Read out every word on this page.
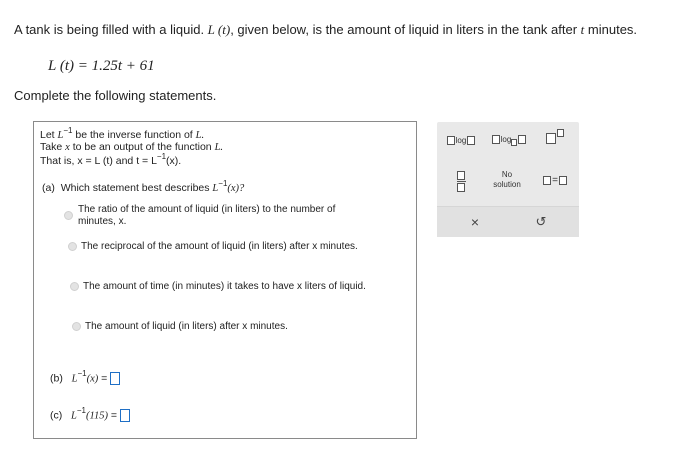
A tank is being filled with a liquid. L (t), given below, is the amount of liquid in liters in the tank after t minutes.
L (t) = 1.25t + 61
Complete the following statements.
Let $L^{-1}$ be the inverse function of L.
Take x to be an output of the function L.
That is, x = L (t) and $t = L^{-1}(x)$.
(a) Which statement best describes $L^{-1}(x)$?
The ratio of the amount of liquid (in liters) to the number of
minutes, x.
The reciprocal of the amount of liquid (in liters) after x minutes.
The amount of time (in minutes) it takes to have x liters of liquid.
The amount of liquid (in liters) after x minutes.
(b) $L^{-1}(x)$ =
(c) $L^{-1}(115)$ =
log	log
No
solution	=
×	↺
